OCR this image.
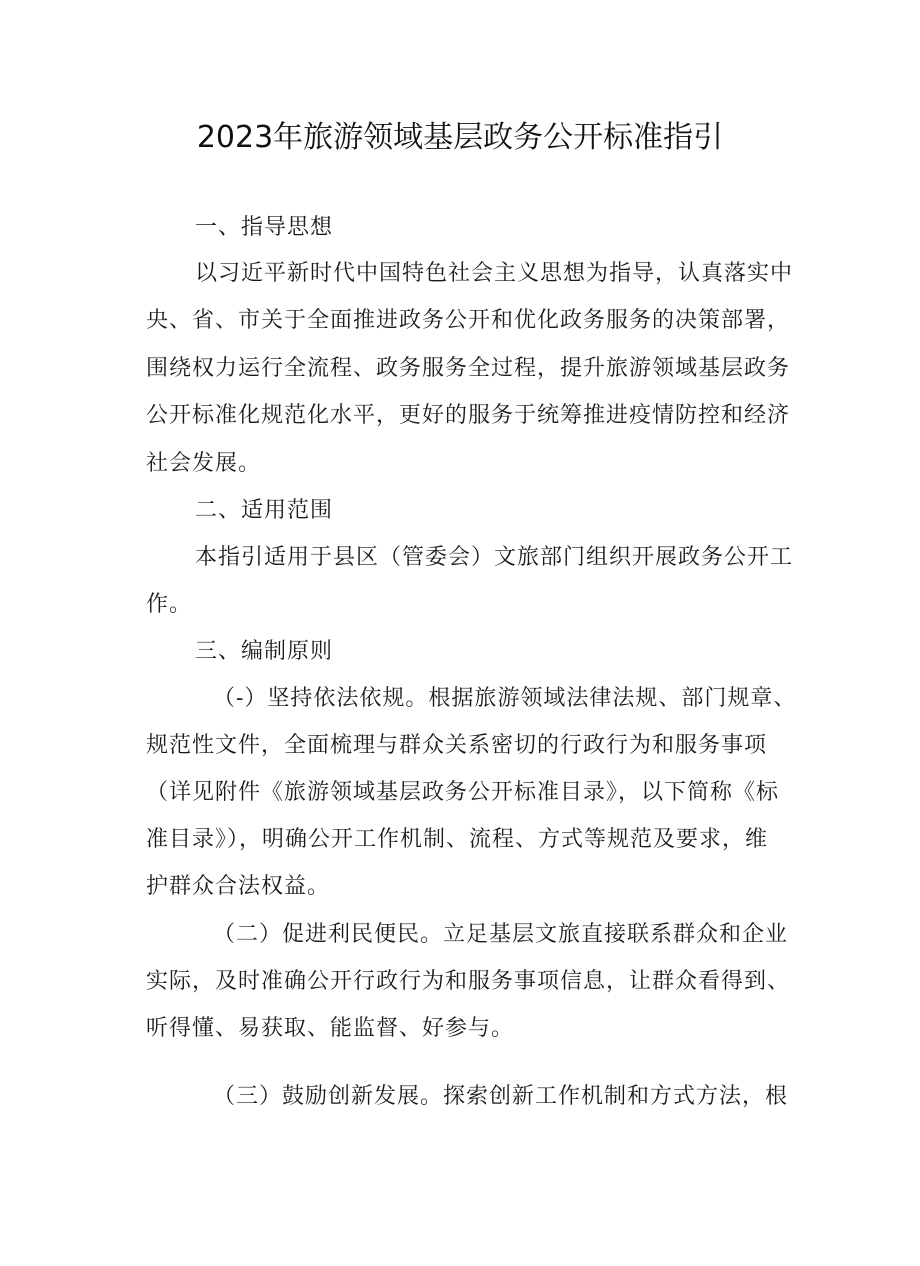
2023年旅游领域基层政务公开标准指引
一、指导思想
以习近平新时代中国特色社会主义思想为指导，认真落实中
央、省、市关于全面推进政务公开和优化政务服务的决策部署，
围绕权力运行全流程、政务服务全过程，提升旅游领域基层政务
公开标准化规范化水平，更好的服务于统筹推进疫情防控和经济
社会发展。
二、适用范围
本指引适用于县区（管委会）文旅部门组织开展政务公开工
作。
三、编制原则
（-）坚持依法依规。根据旅游领域法律法规、部门规章、
规范性文件，全面梳理与群众关系密切的行政行为和服务事项
（详见附件《旅游领域基层政务公开标准目录》，以下简称《标
准目录》），明确公开工作机制、流程、方式等规范及要求，维
护群众合法权益。
（二）促进利民便民。立足基层文旅直接联系群众和企业
实际，及时准确公开行政行为和服务事项信息，让群众看得到、
听得懂、易获取、能监督、好参与。
（三）鼓励创新发展。探索创新工作机制和方式方法，根
